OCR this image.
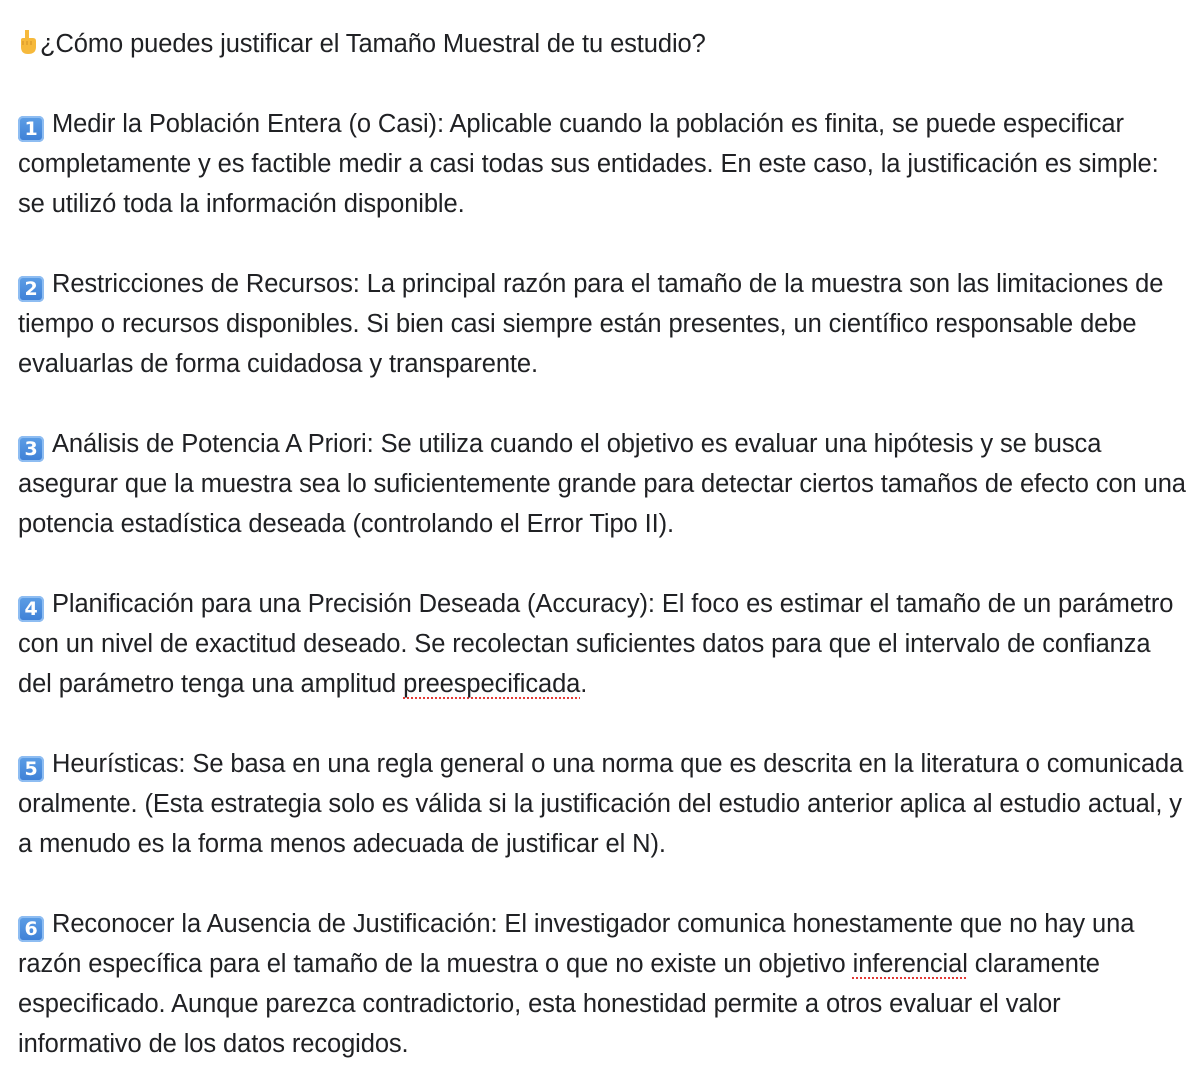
¿Cómo puedes justificar el Tamaño Muestral de tu estudio?

1 Medir la Población Entera (o Casi): Aplicable cuando la población es finita, se puede especificar completamente y es factible medir a casi todas sus entidades. En este caso, la justificación es simple: se utilizó toda la información disponible.

2 Restricciones de Recursos: La principal razón para el tamaño de la muestra son las limitaciones de tiempo o recursos disponibles. Si bien casi siempre están presentes, un científico responsable debe evaluarlas de forma cuidadosa y transparente.

3 Análisis de Potencia A Priori: Se utiliza cuando el objetivo es evaluar una hipótesis y se busca asegurar que la muestra sea lo suficientemente grande para detectar ciertos tamaños de efecto con una potencia estadística deseada (controlando el Error Tipo II).

4 Planificación para una Precisión Deseada (Accuracy): El foco es estimar el tamaño de un parámetro con un nivel de exactitud deseado. Se recolectan suficientes datos para que el intervalo de confianza del parámetro tenga una amplitud preespecificada.

5 Heurísticas: Se basa en una regla general o una norma que es descrita en la literatura o comunicada oralmente. (Esta estrategia solo es válida si la justificación del estudio anterior aplica al estudio actual, y a menudo es la forma menos adecuada de justificar el N).

6 Reconocer la Ausencia de Justificación: El investigador comunica honestamente que no hay una razón específica para el tamaño de la muestra o que no existe un objetivo inferencial claramente especificado. Aunque parezca contradictorio, esta honestidad permite a otros evaluar el valor informativo de los datos recogidos.
